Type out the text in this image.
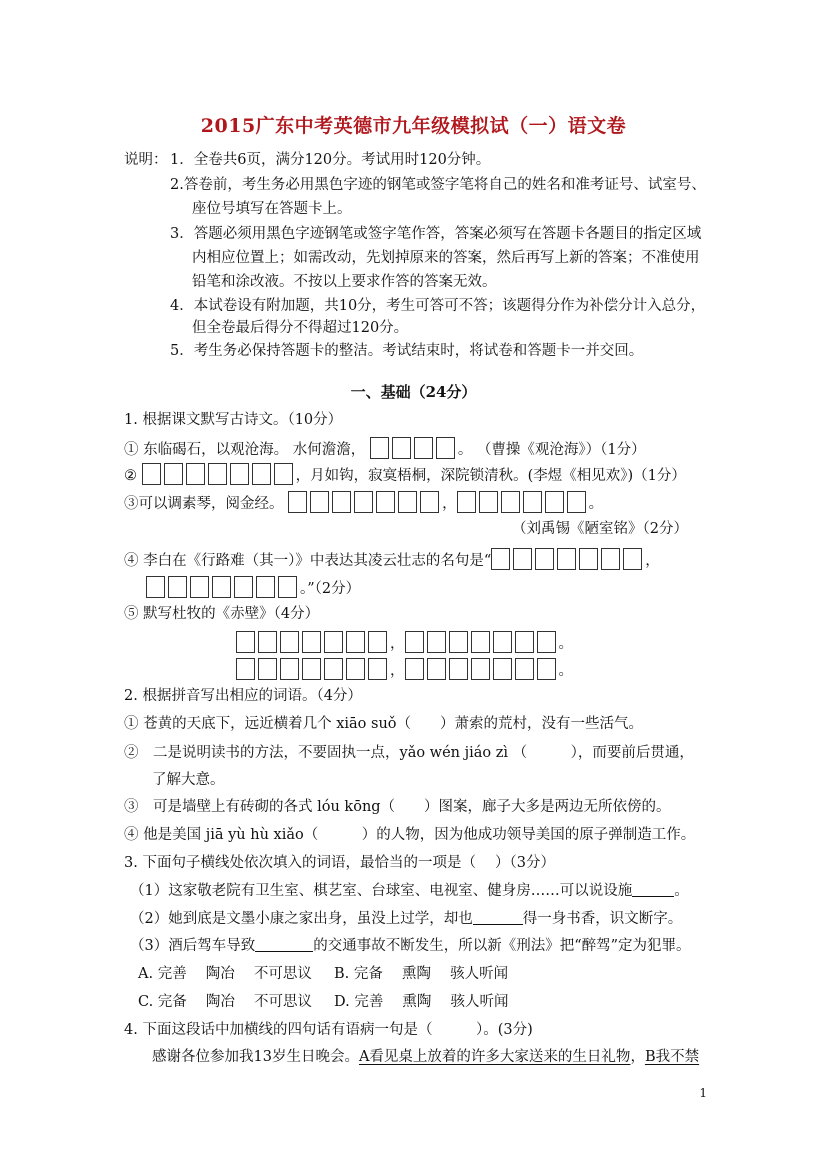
2015广东中考英德市九年级模拟试（一）语文卷
说明： 1．全卷共6页，满分120分。考试用时120分钟。
2.答卷前，考生务必用黑色字迹的钢笔或签字笔将自己的姓名和准考证号、试室号、
座位号填写在答题卡上。
3．答题必须用黑色字迹钢笔或签字笔作答，答案必须写在答题卡各题目的指定区域
内相应位置上；如需改动，先划掉原来的答案，然后再写上新的答案；不准使用
铅笔和涂改液。不按以上要求作答的答案无效。
4．本试卷设有附加题，共10分，考生可答可不答；该题得分作为补偿分计入总分，
但全卷最后得分不得超过120分。
5．考生务必保持答题卡的整洁。考试结束时，将试卷和答题卡一并交回。
一、基础（24分）
1. 根据课文默写古诗文。（10分）
① 东临碣石，以观沧海。 水何澹澹，	。 （曹操《观沧海》）（1分）
②	，月如钩，寂寞梧桐，深院锁清秋。(李煜《相见欢》)（1分）
③可以调素琴，阅金经。	，	。
（刘禹锡《陋室铭》（2分）
④ 李白在《行路难（其一）》中表达其凌云壮志的名句是“	，
。”（2分）
⑤ 默写杜牧的《赤壁》（4分）
，	。
，	。
2. 根据拼音写出相应的词语。（4分）
① 苍黄的天底下，远近横着几个 xiāo suǒ（　　）萧索的荒村，没有一些活气。
②　二是说明读书的方法，不要固执一点，yǎo wén jiáo zì （　　　），而要前后贯通，
了解大意。
③　可是墙壁上有砖砌的各式 lóu kōng（　　）图案，廊子大多是两边无所依傍的。
④ 他是美国 jiā yù hù xiǎo（　　　）的人物，因为他成功领导美国的原子弹制造工作。
3. 下面句子横线处依次填入的词语，最恰当的一项是（　 ）（3分）
（1）这家敬老院有卫生室、棋艺室、台球室、电视室、健身房……可以说设施	。
（2）她到底是文墨小康之家出身，虽没上过学，却也	得一身书香，识文断字。
（3）酒后驾车导致	的交通事故不断发生，所以新《刑法》把“醉驾”定为犯罪。
A. 完善　 陶冶　 不可思议 B. 完备　 熏陶　 骇人听闻
C. 完备　 陶冶　 不可思议 D. 完善　 熏陶　 骇人听闻
4. 下面这段话中加横线的四句话有语病一句是（　　　）。(3分)
感谢各位参加我13岁生日晚会。A看见桌上放着的许多大家送来的生日礼物，B我不禁
1
